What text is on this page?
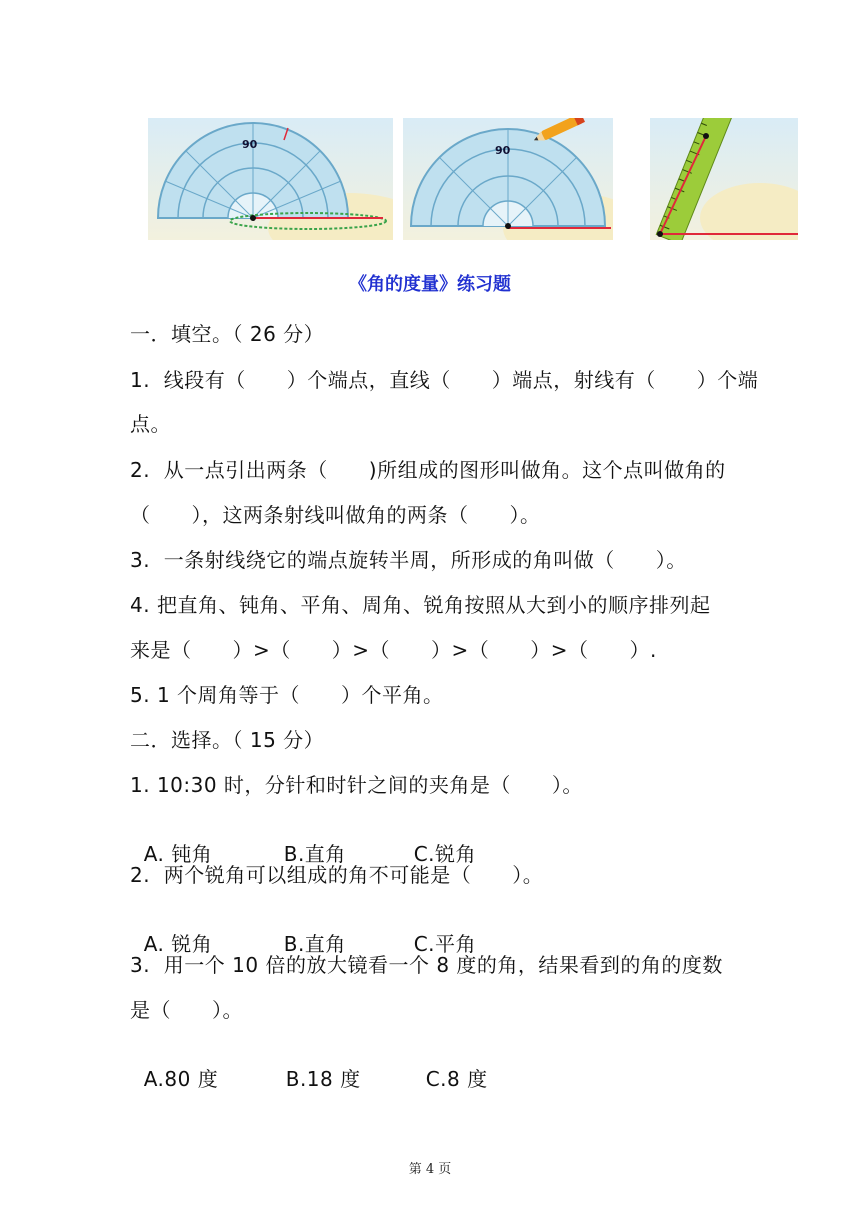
90	90
《角的度量》练习题
一．填空。（ 26 分）
1.  线段有（　　）个端点，直线（　　）端点，射线有（　　）个端
点。
2.  从一点引出两条（　　)所组成的图形叫做角。这个点叫做角的
（　　），这两条射线叫做角的两条（　　）。
3.  一条射线绕它的端点旋转半周，所形成的角叫做（　　）。
4. 把直角、钝角、平角、周角、锐角按照从大到小的顺序排列起
来是（　　）>（　　）>（　　）>（　　）>（　　）.
5. 1 个周角等于（　　）个平角。
二．选择。（ 15 分）
1. 10:30 时，分针和时针之间的夹角是（　　）。

A. 钝角	B.直角	C.锐角

2.  两个锐角可以组成的角不可能是（　　）。

A. 锐角	B.直角	C.平角

3.  用一个 10 倍的放大镜看一个 8 度的角，结果看到的角的度数
是（　　）。

A.80 度	B.18 度	C.8 度

第 4 页
